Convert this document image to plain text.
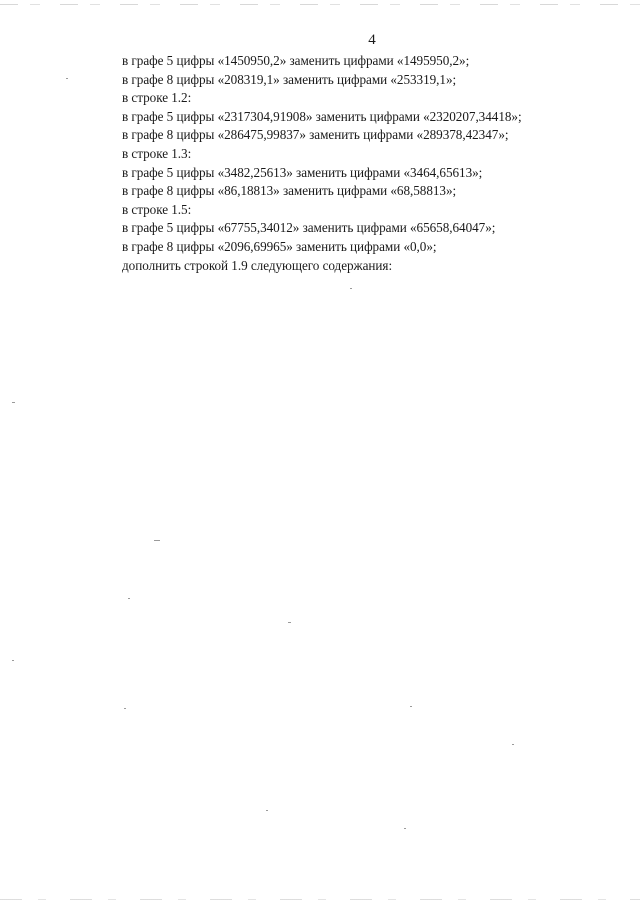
4
в графе 5 цифры «1450950,2» заменить цифрами «1495950,2»;
в графе 8 цифры «208319,1» заменить цифрами «253319,1»;
в строке 1.2:
в графе 5 цифры «2317304,91908» заменить цифрами «2320207,34418»;
в графе 8 цифры «286475,99837» заменить цифрами «289378,42347»;
в строке 1.3:
в графе 5 цифры «3482,25613» заменить цифрами «3464,65613»;
в графе 8 цифры «86,18813» заменить цифрами «68,58813»;
в строке 1.5:
в графе 5 цифры «67755,34012» заменить цифрами «65658,64047»;
в графе 8 цифры «2096,69965» заменить цифрами «0,0»;
дополнить строкой 1.9 следующего содержания:
